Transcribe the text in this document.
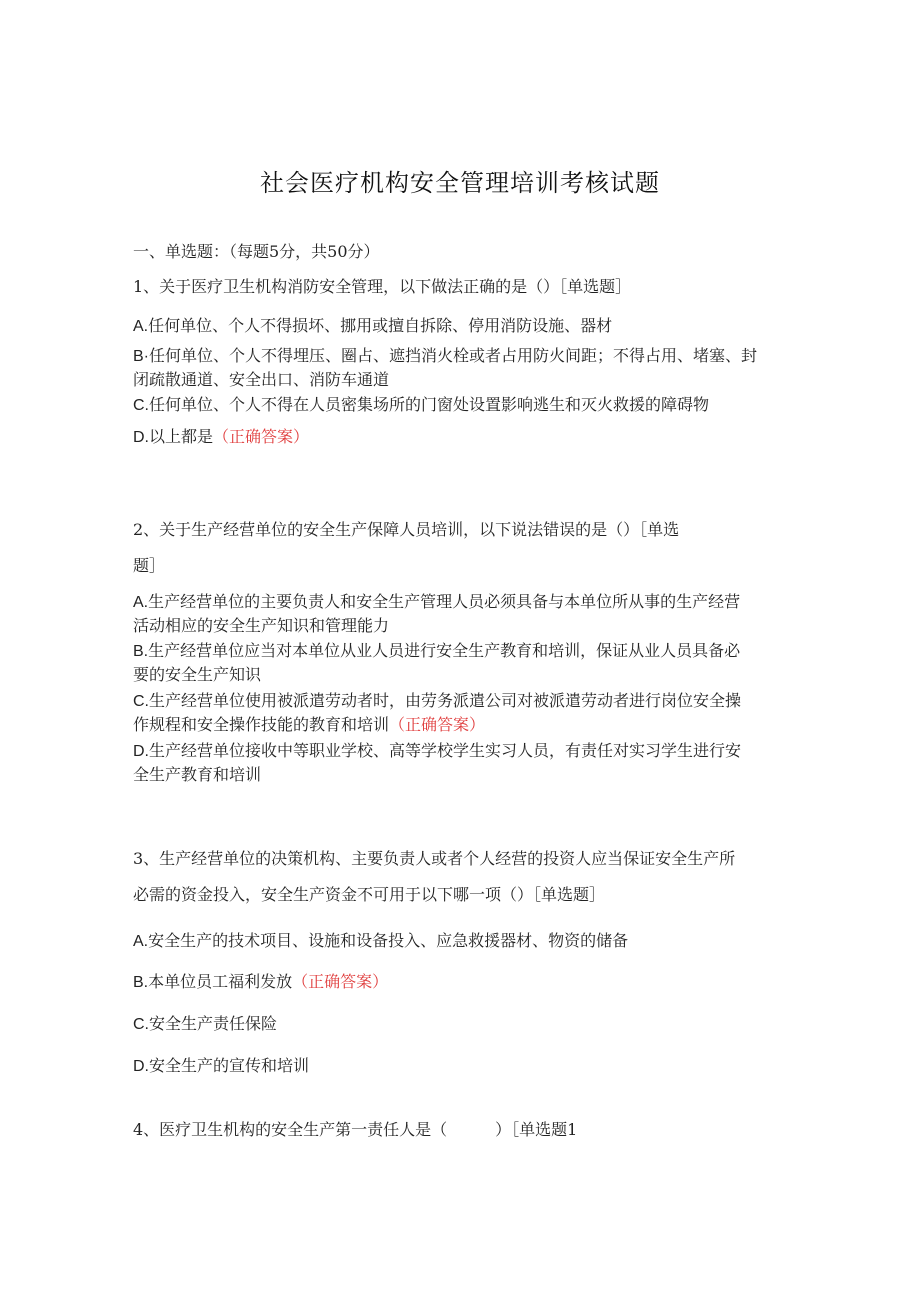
社会医疗机构安全管理培训考核试题
一、单选题：（每题5分，共50分）
1、关于医疗卫生机构消防安全管理，以下做法正确的是（）［单选题］
A.任何单位、个人不得损坏、挪用或擅自拆除、停用消防设施、器材
B·任何单位、个人不得埋压、圈占、遮挡消火栓或者占用防火间距；不得占用、堵塞、封
闭疏散通道、安全出口、消防车通道
C.任何单位、个人不得在人员密集场所的门窗处设置影响逃生和灭火救援的障碍物
D.以上都是（正确答案）
2、关于生产经营单位的安全生产保障人员培训，以下说法错误的是（）［单选
题］
A.生产经营单位的主要负责人和安全生产管理人员必须具备与本单位所从事的生产经营
活动相应的安全生产知识和管理能力
B.生产经营单位应当对本单位从业人员进行安全生产教育和培训，保证从业人员具备必
要的安全生产知识
C.生产经营单位使用被派遣劳动者时，由劳务派遣公司对被派遣劳动者进行岗位安全操
作规程和安全操作技能的教育和培训（正确答案）
D.生产经营单位接收中等职业学校、高等学校学生实习人员，有责任对实习学生进行安
全生产教育和培训
3、生产经营单位的决策机构、主要负责人或者个人经营的投资人应当保证安全生产所
必需的资金投入，安全生产资金不可用于以下哪一项（）［单选题］
A.安全生产的技术项目、设施和设备投入、应急救援器材、物资的储备
B.本单位员工福利发放（正确答案）
C.安全生产责任保险
D.安全生产的宣传和培训
4、医疗卫生机构的安全生产第一责任人是（　　　）［单选题1
